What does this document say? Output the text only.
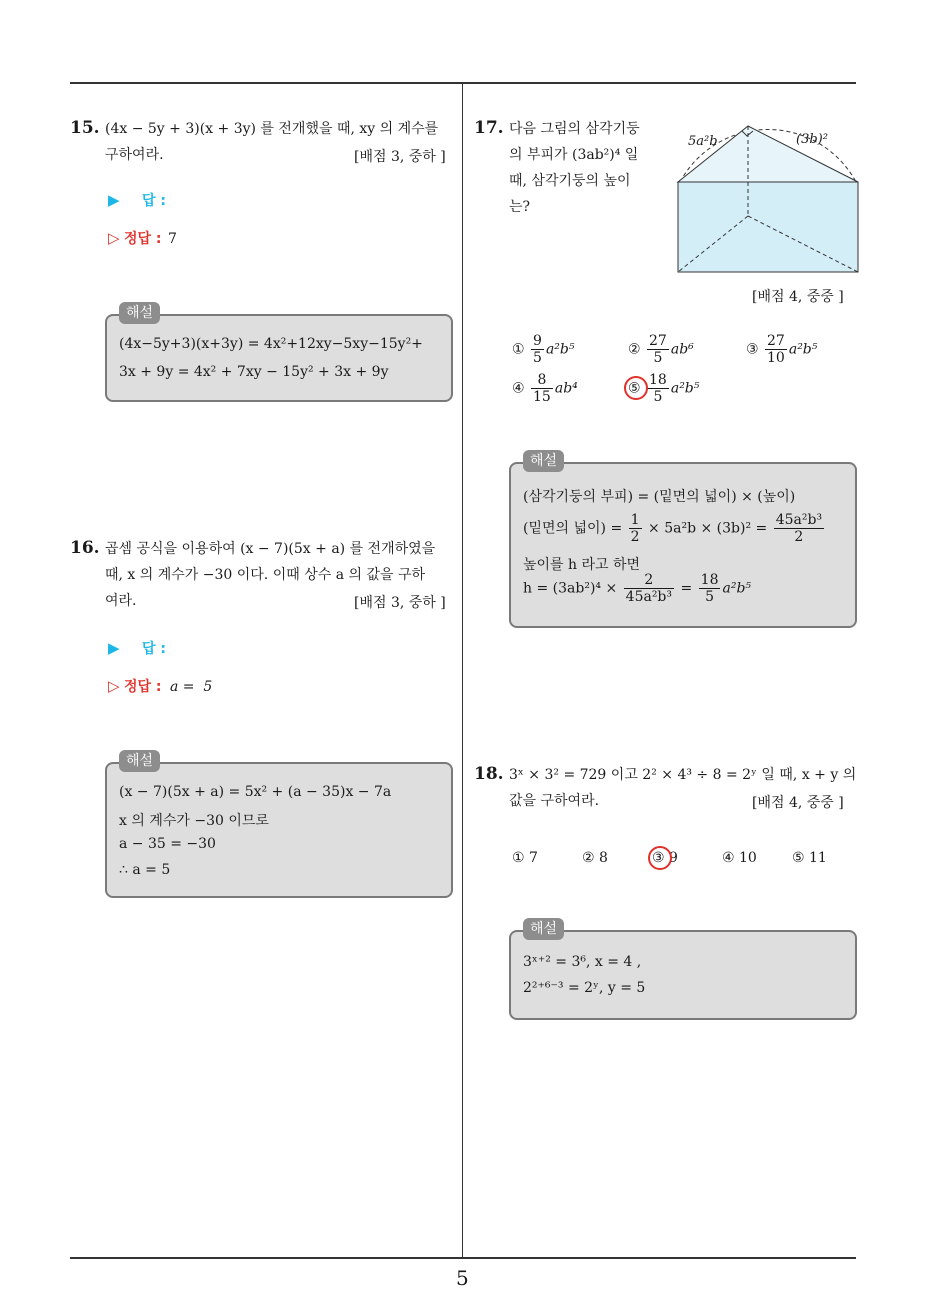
5
15. (4x − 5y + 3)(x + 3y) 를 전개했을 때, xy 의 계수를
구하여라.	[배점 3, 중하 ]
▶ 답 :
▷ 정답 : 7
(4x−5y+3)(x+3y) = 4x²+12xy−5xy−15y²+
3x + 9y = 4x² + 7xy − 15y² + 3x + 9y
해설
16. 곱셈 공식을 이용하여 (x − 7)(5x + a) 를 전개하였을
때, x 의 계수가 −30 이다. 이때 상수 a 의 값을 구하
여라.	[배점 3, 중하 ]
▶ 답 :
▷ 정답 : a =  5
(x − 7)(5x + a) = 5x² + (a − 35)x − 7a
x 의 계수가 −30 이므로
a − 35 = −30
∴ a = 5
해설
17. 다음 그림의 삼각기둥
의 부피가 (3ab²)⁴ 일
때, 삼각기둥의 높이
는?
5a²b	(3b)²
[배점 4, 중중 ]
① $\frac{9}{5} a^2b^5$	② $\frac{27}{5} ab^6$	③ $\frac{27}{10} a^2b^5$
④ $\frac{8}{15} ab^4$	⑤ $\frac{18}{5} a^2b^5$
(삼각기둥의 부피) = (밑면의 넓이) × (높이)
(밑면의 넓이) = $\frac{1}{2} \times 5a^2b \times (3b)^2 = \frac{\text{45a²b³}}{2}$
높이를 h 라고 하면
$h = (3ab^2)^4 \times \frac{2}{\text{45a²b³}} = \frac{18}{5} a^2b^5$
해설
18. 3ˣ × 3² = 729 이고 2² × 4³ ÷ 8 = 2ʸ 일 때, x + y 의
값을 구하여라.	[배점 4, 중중 ]
① 7	② 8	③ 9	④ 10	⑤ 11
3ˣ⁺² = 3⁶, x = 4 ,
2²⁺⁶⁻³ = 2ʸ, y = 5
해설
